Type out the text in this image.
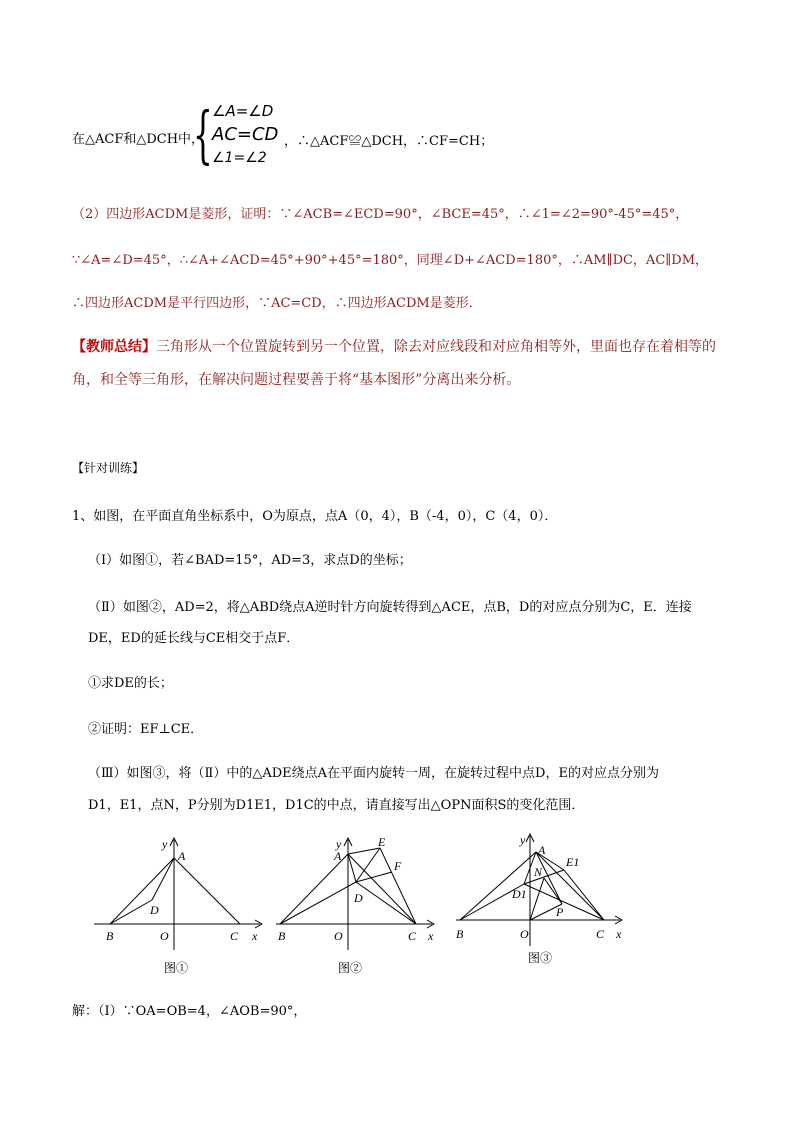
在△ACF和△DCH中，
{ ∠A=∠D
AC=CD
∠1=∠2
，∴△ACF≌△DCH，∴CF=CH；
（2）四边形ACDM是菱形，证明：∵∠ACB=∠ECD=90°，∠BCE=45°，∴∠1=∠2=90°-45°=45°，
∵∠A=∠D=45°，∴∠A+∠ACD=45°+90°+45°=180°，同理∠D+∠ACD=180°，∴AM∥DC，AC∥DM，
∴四边形ACDM是平行四边形，∵AC=CD，∴四边形ACDM是菱形．
【教师总结】三角形从一个位置旋转到另一个位置，除去对应线段和对应角相等外，里面也存在着相等的
角，和全等三角形，在解决问题过程要善于将“基本图形”分离出来分析。
【针对训练】
1、如图，在平面直角坐标系中，O为原点，点A（0，4），B（-4，0），C（4，0）．
（Ⅰ）如图①，若∠BAD=15°，AD=3，求点D的坐标；
（Ⅱ）如图②，AD=2，将△ABD绕点A逆时针方向旋转得到△ACE，点B，D的对应点分别为C，E．连接
DE，ED的延长线与CE相交于点F．
①求DE的长；
②证明：EF⊥CE．
（Ⅲ）如图③，将（Ⅱ）中的△ADE绕点A在平面内旋转一周，在旋转过程中点D，E的对应点分别为
D1，E1，点N，P分别为D1E1，D1C的中点，请直接写出△OPN面积S的变化范围．
y
A
D
B	O	C x
图①
y
A
E
F
D
B	O	C x
图②
y
A
E1
N
D1
P
B	O	C x
图③
解：（Ⅰ）∵OA=OB=4，∠AOB=90°，
